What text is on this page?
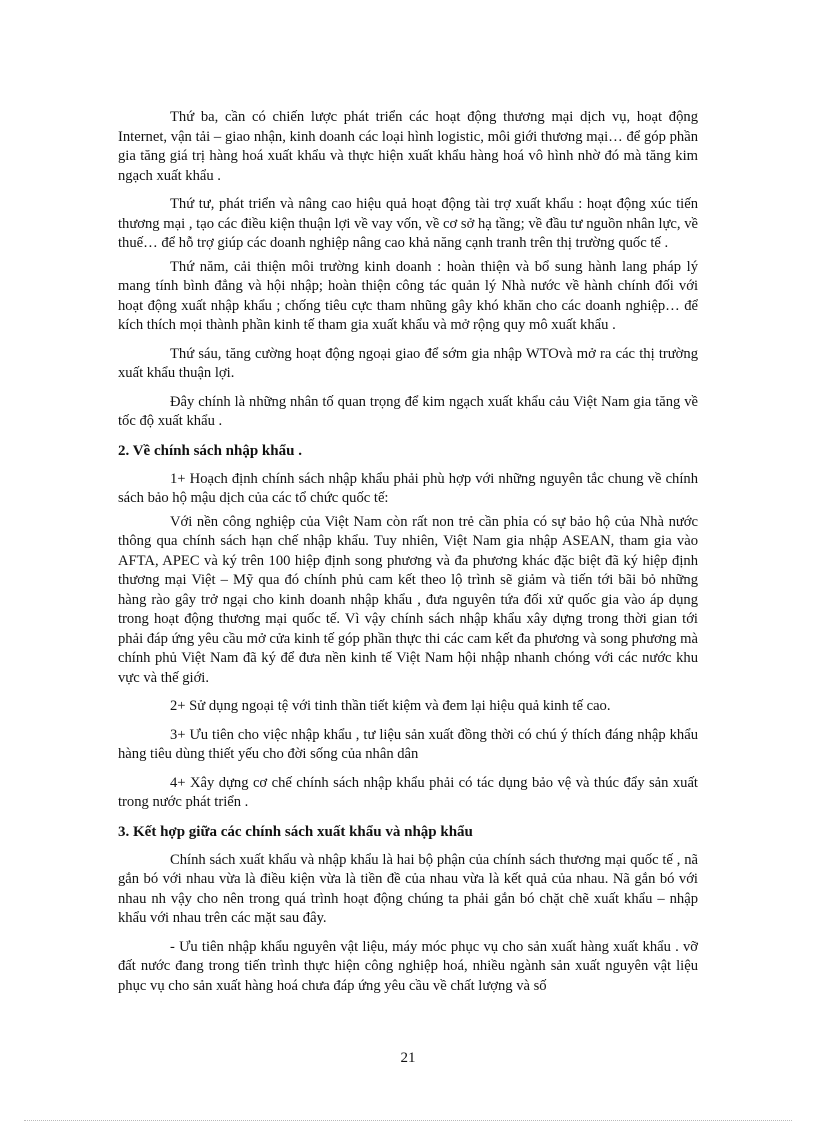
Thứ ba, cần có chiến lược phát triển các hoạt động thương mại dịch vụ, hoạt động Internet, vận tải – giao nhận, kinh doanh các loại hình logistic, môi giới thương mại… để góp phần gia tăng giá trị hàng hoá xuất khẩu và thực hiện xuất khẩu hàng hoá vô hình nhờ đó mà tăng kim ngạch xuất khẩu .

Thứ tư, phát triển và nâng cao hiệu quả hoạt động tài trợ xuất khẩu : hoạt động xúc tiến thương mại , tạo các điều kiện thuận lợi về vay vốn, về cơ sở hạ tầng; về đầu tư nguồn nhân lực, về thuế… để hỗ trợ giúp các doanh nghiệp nâng cao khả năng cạnh tranh trên thị trường quốc tế .

Thứ năm, cải thiện môi trường kinh doanh : hoàn thiện và bổ sung hành lang pháp lý mang tính bình đẳng và hội nhập; hoàn thiện công tác quản lý Nhà nước về hành chính đối với hoạt động xuất nhập khẩu ; chống tiêu cực tham nhũng gây khó khăn cho các doanh nghiệp… để kích thích mọi thành phần kinh tế tham gia xuất khẩu và mở rộng quy mô xuất khẩu .

Thứ sáu, tăng cường hoạt động ngoại giao để sớm gia nhập WTOvà mở ra các thị trường xuất khẩu thuận lợi.

Đây chính là những nhân tố quan trọng để kim ngạch xuất khẩu cảu Việt Nam gia tăng về tốc độ xuất khẩu .

2. Về chính sách nhập khẩu .

1+ Hoạch định chính sách nhập khẩu phải phù hợp với những nguyên tắc chung về chính sách bảo hộ mậu dịch của các tổ chức quốc tế:

Với nền công nghiệp của Việt Nam còn rất non trẻ cần phỉa có sự bảo hộ của Nhà nước thông qua chính sách hạn chế nhập khẩu. Tuy nhiên, Việt Nam gia nhập ASEAN, tham gia vào AFTA, APEC và ký trên 100 hiệp định song phương và đa phương khác đặc biệt đã ký hiệp định thương mại Việt – Mỹ qua đó chính phủ cam kết theo lộ trình sẽ giảm và tiến tới bãi bỏ những hàng rào gây trở ngại cho kinh doanh nhập khẩu , đưa nguyên tứa đối xử quốc gia vào áp dụng trong hoạt động thương mại quốc tế. Vì vậy chính sách nhập khẩu xây dựng trong thời gian tới phải đáp ứng yêu cầu mở cửa kinh tế góp phần thực thi các cam kết đa phương và song phương mà chính phủ Việt Nam đã ký để đưa nền kinh tế Việt Nam hội nhập nhanh chóng với các nước khu vực và thế giới.

2+ Sử dụng ngoại tệ với tinh thần tiết kiệm và đem lại hiệu quả kinh tế cao.

3+ Ưu tiên cho việc nhập khẩu , tư liệu sản xuất đồng thời có chú ý thích đáng nhập khẩu hàng tiêu dùng thiết yếu cho đời sống của nhân dân

4+ Xây dựng cơ chế chính sách nhập khẩu phải có tác dụng bảo vệ và thúc đẩy sản xuất trong nước phát triển .

3. Kết hợp giữa các chính sách xuất khẩu và nhập khẩu

Chính sách xuất khẩu và nhập khẩu là hai bộ phận của chính sách thương mại quốc tế , nã gắn bó với nhau vừa là điều kiện vừa là tiền đề của nhau vừa là kết quả của nhau. Nã gắn bó với nhau nh vậy cho nên trong quá trình hoạt động chúng ta phải gắn bó chặt chẽ xuất khẩu – nhập khẩu với nhau trên các mặt sau đây.

- Ưu tiên nhập khẩu nguyên vật liệu, máy móc phục vụ cho sản xuất hàng xuất khẩu . vỡ đất nước đang trong tiến trình thực hiện công nghiệp hoá, nhiều ngành sản xuất nguyên vật liệu phục vụ cho sản xuất hàng hoá chưa đáp ứng yêu cầu về chất lượng và số

21
